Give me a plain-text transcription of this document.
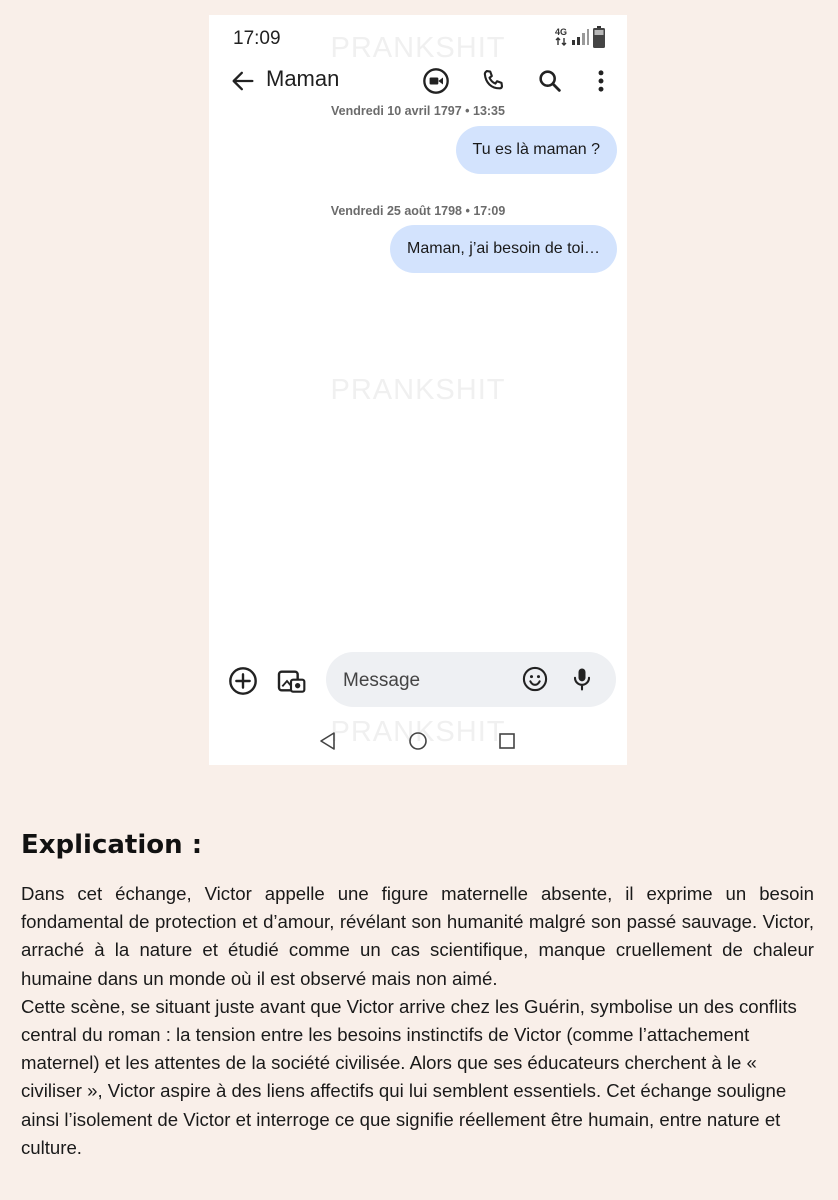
17:09	4G
PRANKSHIT
Maman
Vendredi 10 avril 1797 • 13:35
Tu es là maman ?
Vendredi 25 août 1798 • 17:09
Maman, j’ai besoin de toi…
PRANKSHIT
Message
PRANKSHIT
Explication :

Dans cet échange, Victor appelle une figure maternelle absente, il exprime un besoin fondamental de protection et d’amour, révélant son humanité malgré son passé sauvage. Victor, arraché à la nature et étudié comme un cas scientifique, manque cruellement de chaleur humaine dans un monde où il est observé mais non aimé.

Cette scène, se situant juste avant que Victor arrive chez les Guérin, symbolise un des conflits central du roman : la tension entre les besoins instinctifs de Victor (comme l’attachement maternel) et les attentes de la société civilisée. Alors que ses éducateurs cherchent à le « civiliser », Victor aspire à des liens affectifs qui lui semblent essentiels. Cet échange souligne ainsi l’isolement de Victor et interroge ce que signifie réellement être humain, entre nature et culture.
